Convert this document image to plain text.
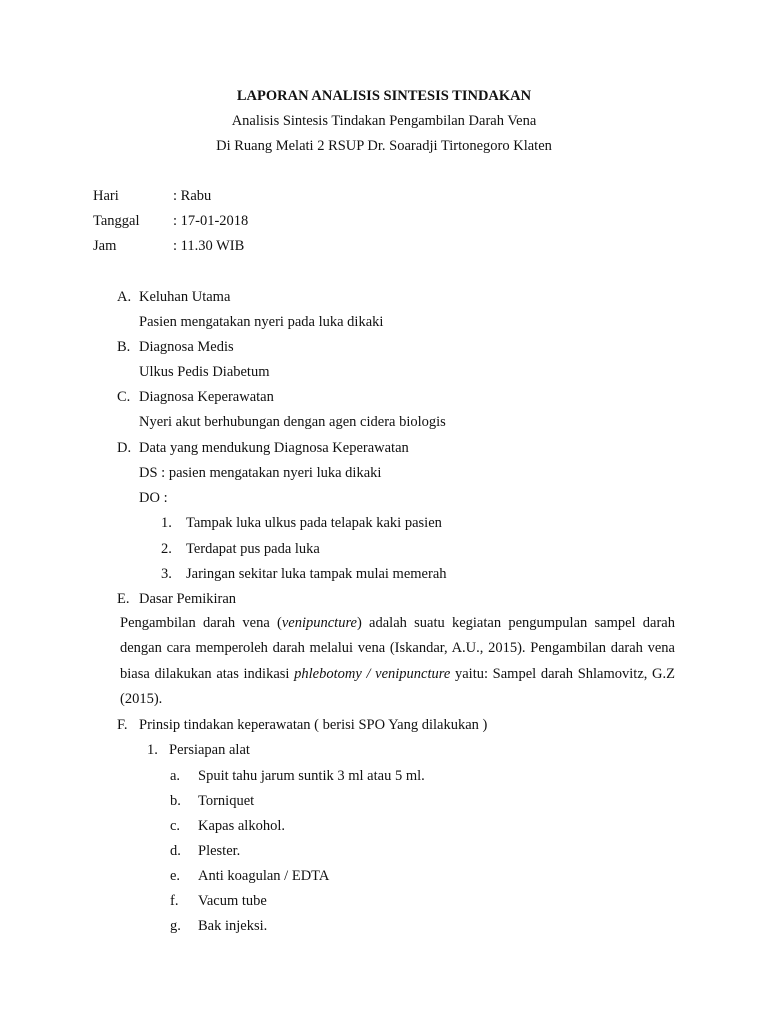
LAPORAN ANALISIS SINTESIS TINDAKAN
Analisis Sintesis Tindakan Pengambilan Darah Vena
Di Ruang Melati 2 RSUP Dr. Soaradji Tirtonegoro Klaten
Hari	: Rabu
Tanggal : 17-01-2018
Jam	: 11.30 WIB
A. Keluhan Utama
Pasien mengatakan nyeri pada luka dikaki
B. Diagnosa Medis
Ulkus Pedis Diabetum
C. Diagnosa Keperawatan
Nyeri akut berhubungan dengan agen cidera biologis
D. Data yang mendukung Diagnosa Keperawatan
DS : pasien mengatakan nyeri luka dikaki
DO :
1. Tampak luka ulkus pada telapak kaki pasien
2. Terdapat pus pada luka
3. Jaringan sekitar luka tampak mulai memerah
E. Dasar Pemikiran
Pengambilan darah vena (venipuncture) adalah suatu kegiatan pengumpulan sampel darah dengan cara memperoleh darah melalui vena (Iskandar, A.U., 2015). Pengambilan darah vena biasa dilakukan atas indikasi phlebotomy / venipuncture yaitu: Sampel darah Shlamovitz, G.Z (2015).
F. Prinsip tindakan keperawatan ( berisi SPO Yang dilakukan )
1. Persiapan alat
a. Spuit tahu jarum suntik 3 ml atau 5 ml.
b. Torniquet
c. Kapas alkohol.
d. Plester.
e. Anti koagulan / EDTA
f. Vacum tube
g. Bak injeksi.
